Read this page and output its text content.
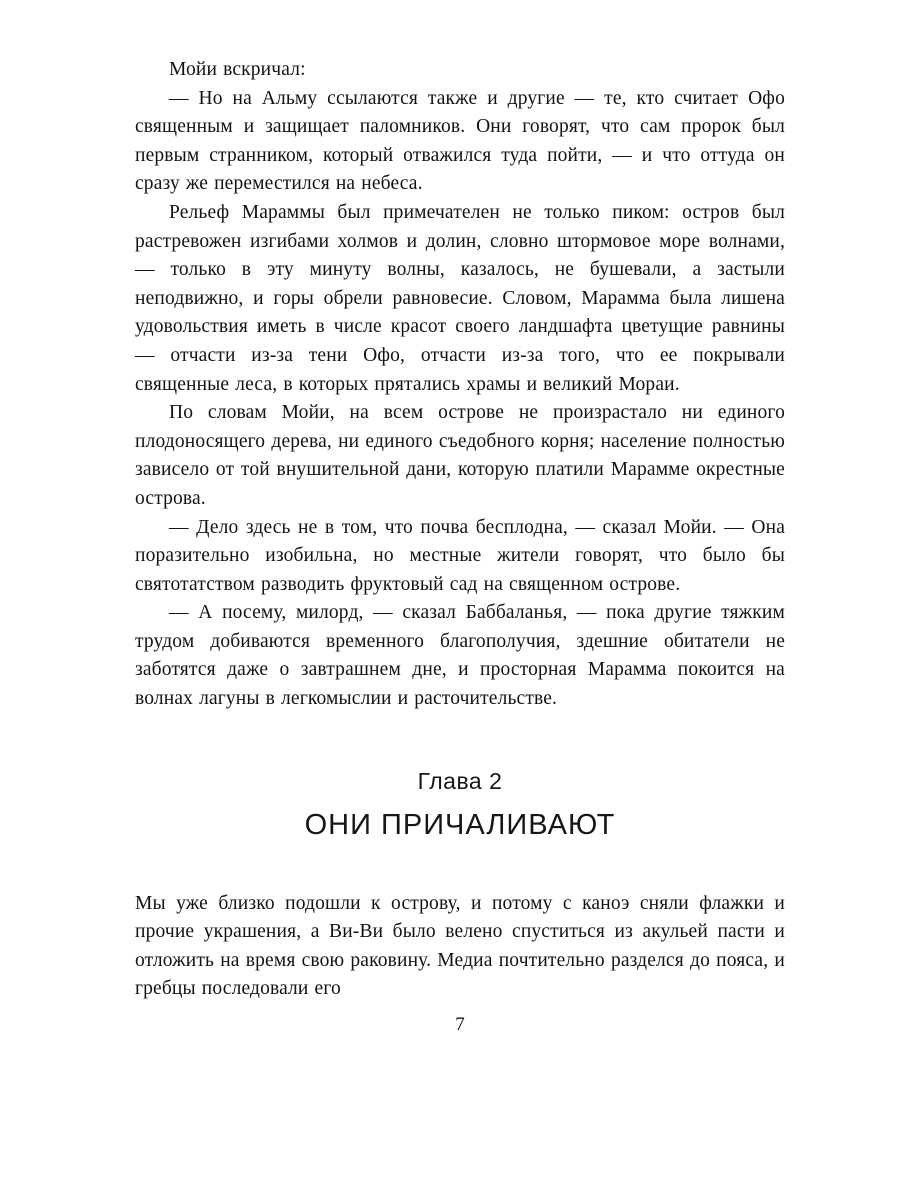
Мойи вскричал:

— Но на Альму ссылаются также и другие — те, кто считает Офо священным и защищает паломников. Они говорят, что сам пророк был первым странником, который отважился туда пойти, — и что оттуда он сразу же переместился на небеса.

Рельеф Мараммы был примечателен не только пиком: остров был растревожен изгибами холмов и долин, словно штормовое море волнами, — только в эту минуту волны, казалось, не бушевали, а застыли неподвижно, и горы обрели равновесие. Словом, Марамма была лишена удовольствия иметь в числе красот своего ландшафта цветущие равнины — отчасти из-за тени Офо, отчасти из-за того, что ее покрывали священные леса, в которых прятались храмы и великий Мораи.

По словам Мойи, на всем острове не произрастало ни единого плодоносящего дерева, ни единого съедобного корня; население полностью зависело от той внушительной дани, которую платили Марамме окрестные острова.

— Дело здесь не в том, что почва бесплодна, — сказал Мойи. — Она поразительно изобильна, но местные жители говорят, что было бы святотатством разводить фруктовый сад на священном острове.

— А посему, милорд, — сказал Баббаланья, — пока другие тяжким трудом добиваются временного благополучия, здешние обитатели не заботятся даже о завтрашнем дне, и просторная Марамма покоится на волнах лагуны в легкомыслии и расточительстве.

Глава 2
ОНИ ПРИЧАЛИВАЮТ

Мы уже близко подошли к острову, и потому с каноэ сняли флажки и прочие украшения, а Ви-Ви было велено спуститься из акульей пасти и отложить на время свою раковину. Медиа почтительно разделся до пояса, и гребцы последовали его

7
